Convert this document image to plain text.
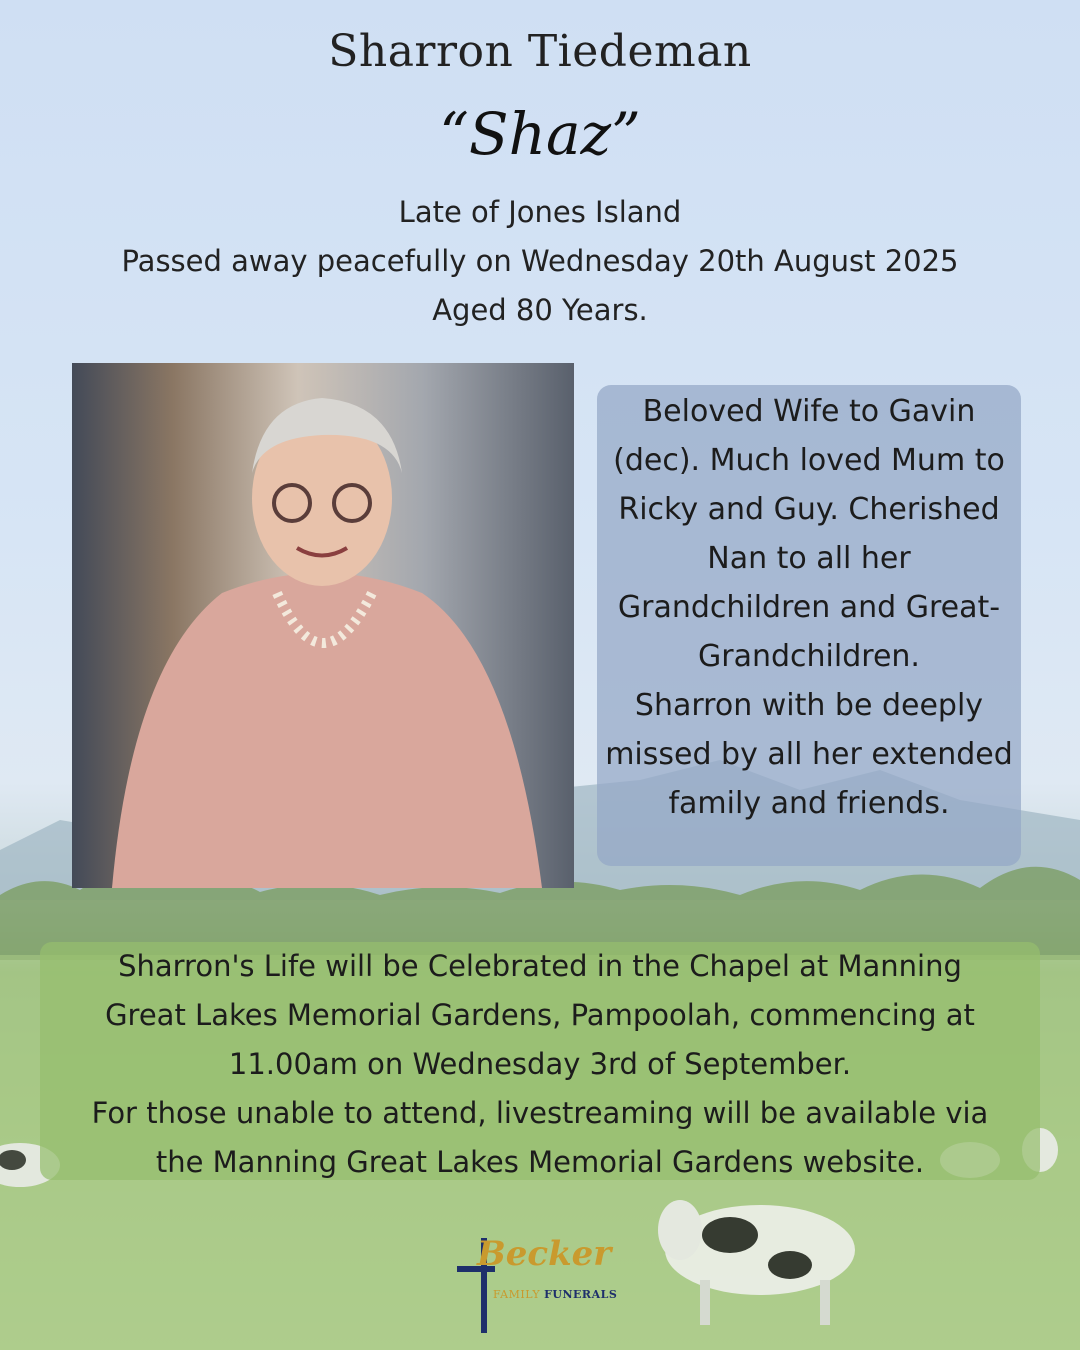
Sharron Tiedeman
“Shaz”
Late of Jones Island
Passed away peacefully on Wednesday 20th August 2025
Aged 80 Years.

Beloved Wife to Gavin (dec). Much loved Mum to Ricky and Guy. Cherished Nan to all her Grandchildren and Great-Grandchildren.

Sharron with be deeply missed by all her extended family and friends.

Sharron's Life will be Celebrated in the Chapel at Manning

Great Lakes Memorial Gardens, Pampoolah, commencing at

11.00am on Wednesday 3rd of September.

For those unable to attend, livestreaming will be available via

the Manning Great Lakes Memorial Gardens website.

Becker
FAMILY FUNERALS
